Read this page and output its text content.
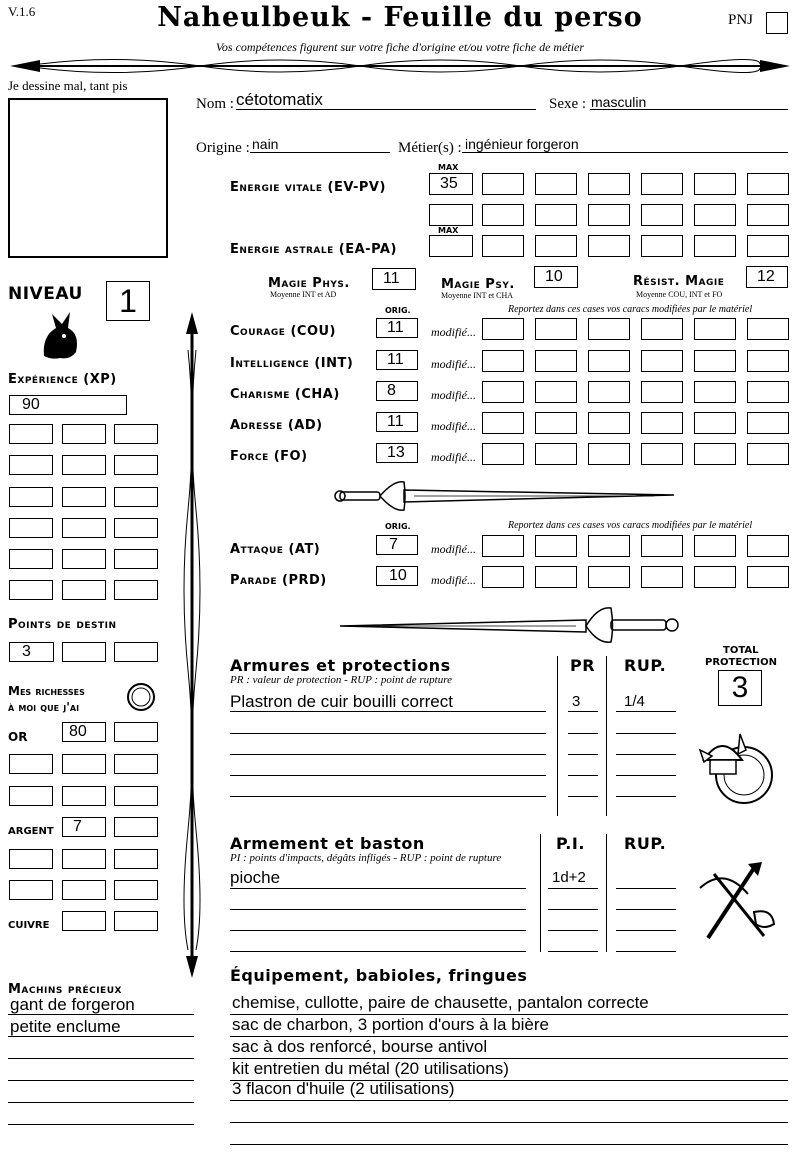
V.1.6	Naheulbeuk - Feuille du perso
Vos compétences figurent sur votre fiche d'origine et/ou votre fiche de métier
PNJ
Je dessine mal, tant pis
Nom : cétotomatix	Sexe : masculin
Origine : nain	Métier(s) : ingénieur forgeron
MAX
Energie vitale (EV-PV)	35
MAX
Energie astrale (EA-PA)
Magie Phys.
Moyenne INT et AD
11	Magie Psy.
Moyenne INT et CHA
10	Résist. Magie
Moyenne COU, INT et FO
12
ORIG.	Reportez dans ces cases vos caracs modifiées par le matériel
Courage (COU)	11	modifié...
Intelligence (INT)	11	modifié...
Charisme (CHA)	8	modifié...
Adresse (AD)	11	modifié...
Force (FO)	13	modifié...
ORIG.	Reportez dans ces cases vos caracs modifiées par le matériel
Attaque (AT)	7	modifié...
Parade (PRD)	10	modifié...
NIVEAU	1
Expérience (XP)
90
Points de destin
3
Mes richesses
à moi que j'ai
OR	80
ARGENT	7
CUIVRE
Armures et protections
PR : valeur de protection - RUP : point de rupture
PR RUP.
Plastron de cuir bouilli correct	3	1/4
TOTAL
PROTECTION
3
Armement et baston
PI : points d'impacts, dégâts infligés - RUP : point de rupture
P.I. RUP.
pioche	1d+2
Machins précieux
gant de forgeron
petite enclume
Équipement, babioles, fringues
chemise, cullotte, paire de chausette, pantalon correcte
sac de charbon, 3 portion d'ours à la bière
sac à dos renforcé, bourse antivol
kit entretien du métal (20 utilisations)
3 flacon d'huile (2 utilisations)
